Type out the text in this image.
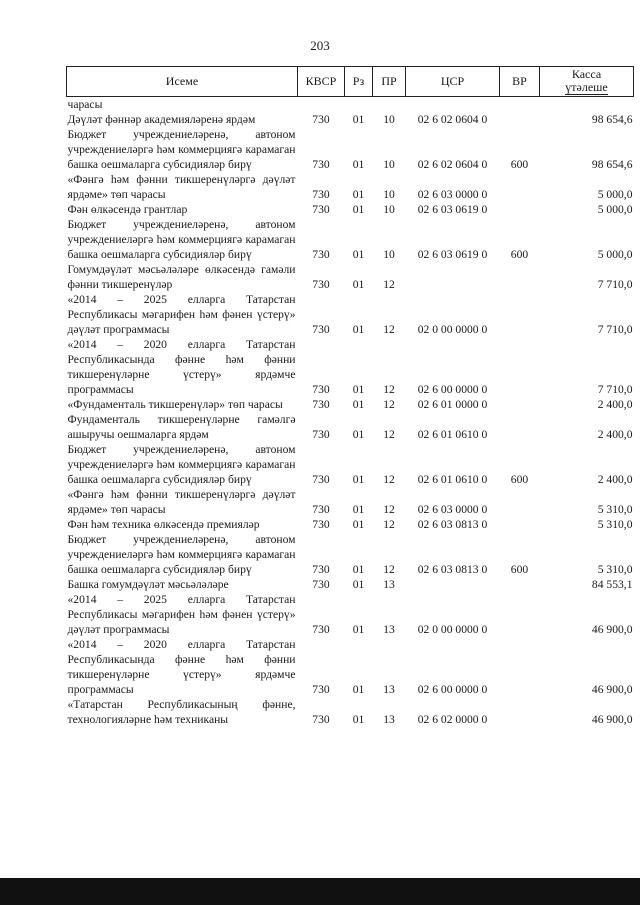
203
Исеме	КВСР	Рз	ПР	ЦСР	ВР	Касса
үтәлеше
чарасы						
Дәүләт фәннәр академияләренә ярдәм	730	01	10	02 6 02 0604 0		98 654,6
Бюджет учреждениеләренә, автоном учреждениеләргә һәм коммерциягә карамаган башка оешмаларга субсидияләр бирү	730	01	10	02 6 02 0604 0	600	98 654,6
«Фәнгә һәм фәнни тикшеренүләргә дәүләт ярдәме» төп чарасы	730	01	10	02 6 03 0000 0		5 000,0
Фән өлкәсендә грантлар	730	01	10	02 6 03 0619 0		5 000,0
Бюджет учреждениеләренә, автоном учреждениеләргә һәм коммерциягә карамаган башка оешмаларга субсидияләр бирү	730	01	10	02 6 03 0619 0	600	5 000,0
Гомумдәүләт мәсьәләләре өлкәсендә гамәли фәнни тикшеренүләр	730	01	12			7 710,0
«2014 – 2025 елларга Татарстан Республикасы мәгарифен һәм фәнен үстерү» дәүләт программасы	730	01	12	02 0 00 0000 0		7 710,0
«2014 – 2020 елларга Татарстан Республикасында фәнне һәм фәнни тикшеренүләрне үстерү» ярдәмче программасы	730	01	12	02 6 00 0000 0		7 710,0
«Фундаменталь тикшеренүләр» төп чарасы	730	01	12	02 6 01 0000 0		2 400,0
Фундаменталь тикшеренүләрне гамәлгә ашыручы оешмаларга ярдәм	730	01	12	02 6 01 0610 0		2 400,0
Бюджет учреждениеләренә, автоном учреждениеләргә һәм коммерциягә карамаган башка оешмаларга субсидияләр бирү	730	01	12	02 6 01 0610 0	600	2 400,0
«Фәнгә һәм фәнни тикшеренүләргә дәүләт ярдәме» төп чарасы	730	01	12	02 6 03 0000 0		5 310,0
Фән һәм техника өлкәсендә премияләр	730	01	12	02 6 03 0813 0		5 310,0
Бюджет учреждениеләренә, автоном учреждениеләргә һәм коммерциягә карамаган башка оешмаларга субсидияләр бирү	730	01	12	02 6 03 0813 0	600	5 310,0
Башка гомумдәүләт мәсьәләләре	730	01	13			84 553,1
«2014 – 2025 елларга Татарстан Республикасы мәгарифен һәм фәнен үстерү» дәүләт программасы	730	01	13	02 0 00 0000 0		46 900,0
«2014 – 2020 елларга Татарстан Республикасында фәнне һәм фәнни тикшеренүләрне үстерү» ярдәмче программасы	730	01	13	02 6 00 0000 0		46 900,0
«Татарстан Республикасының фәнне, технологияләрне һәм техниканы	730	01	13	02 6 02 0000 0		46 900,0
